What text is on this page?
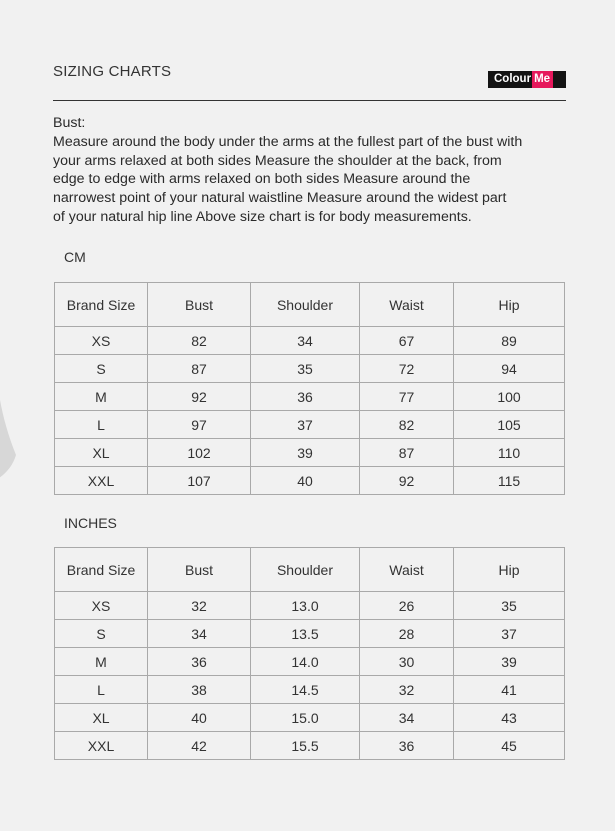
SIZING CHARTS	Colour Me
Bust:
Measure around the body under the arms at the fullest part of the bust with
your arms relaxed at both sides Measure the shoulder at the back, from
edge to edge with arms relaxed on both sides Measure around the
narrowest point of your natural waistline Measure around the widest part
of your natural hip line Above size chart is for body measurements.
CM
Brand Size	Bust	Shoulder	Waist	Hip
XS	82	34	67	89
S	87	35	72	94
M	92	36	77	100
L	97	37	82	105
XL	102	39	87	110
XXL	107	40	92	115
INCHES
Brand Size	Bust	Shoulder	Waist	Hip
XS	32	13.0	26	35
S	34	13.5	28	37
M	36	14.0	30	39
L	38	14.5	32	41
XL	40	15.0	34	43
XXL	42	15.5	36	45
